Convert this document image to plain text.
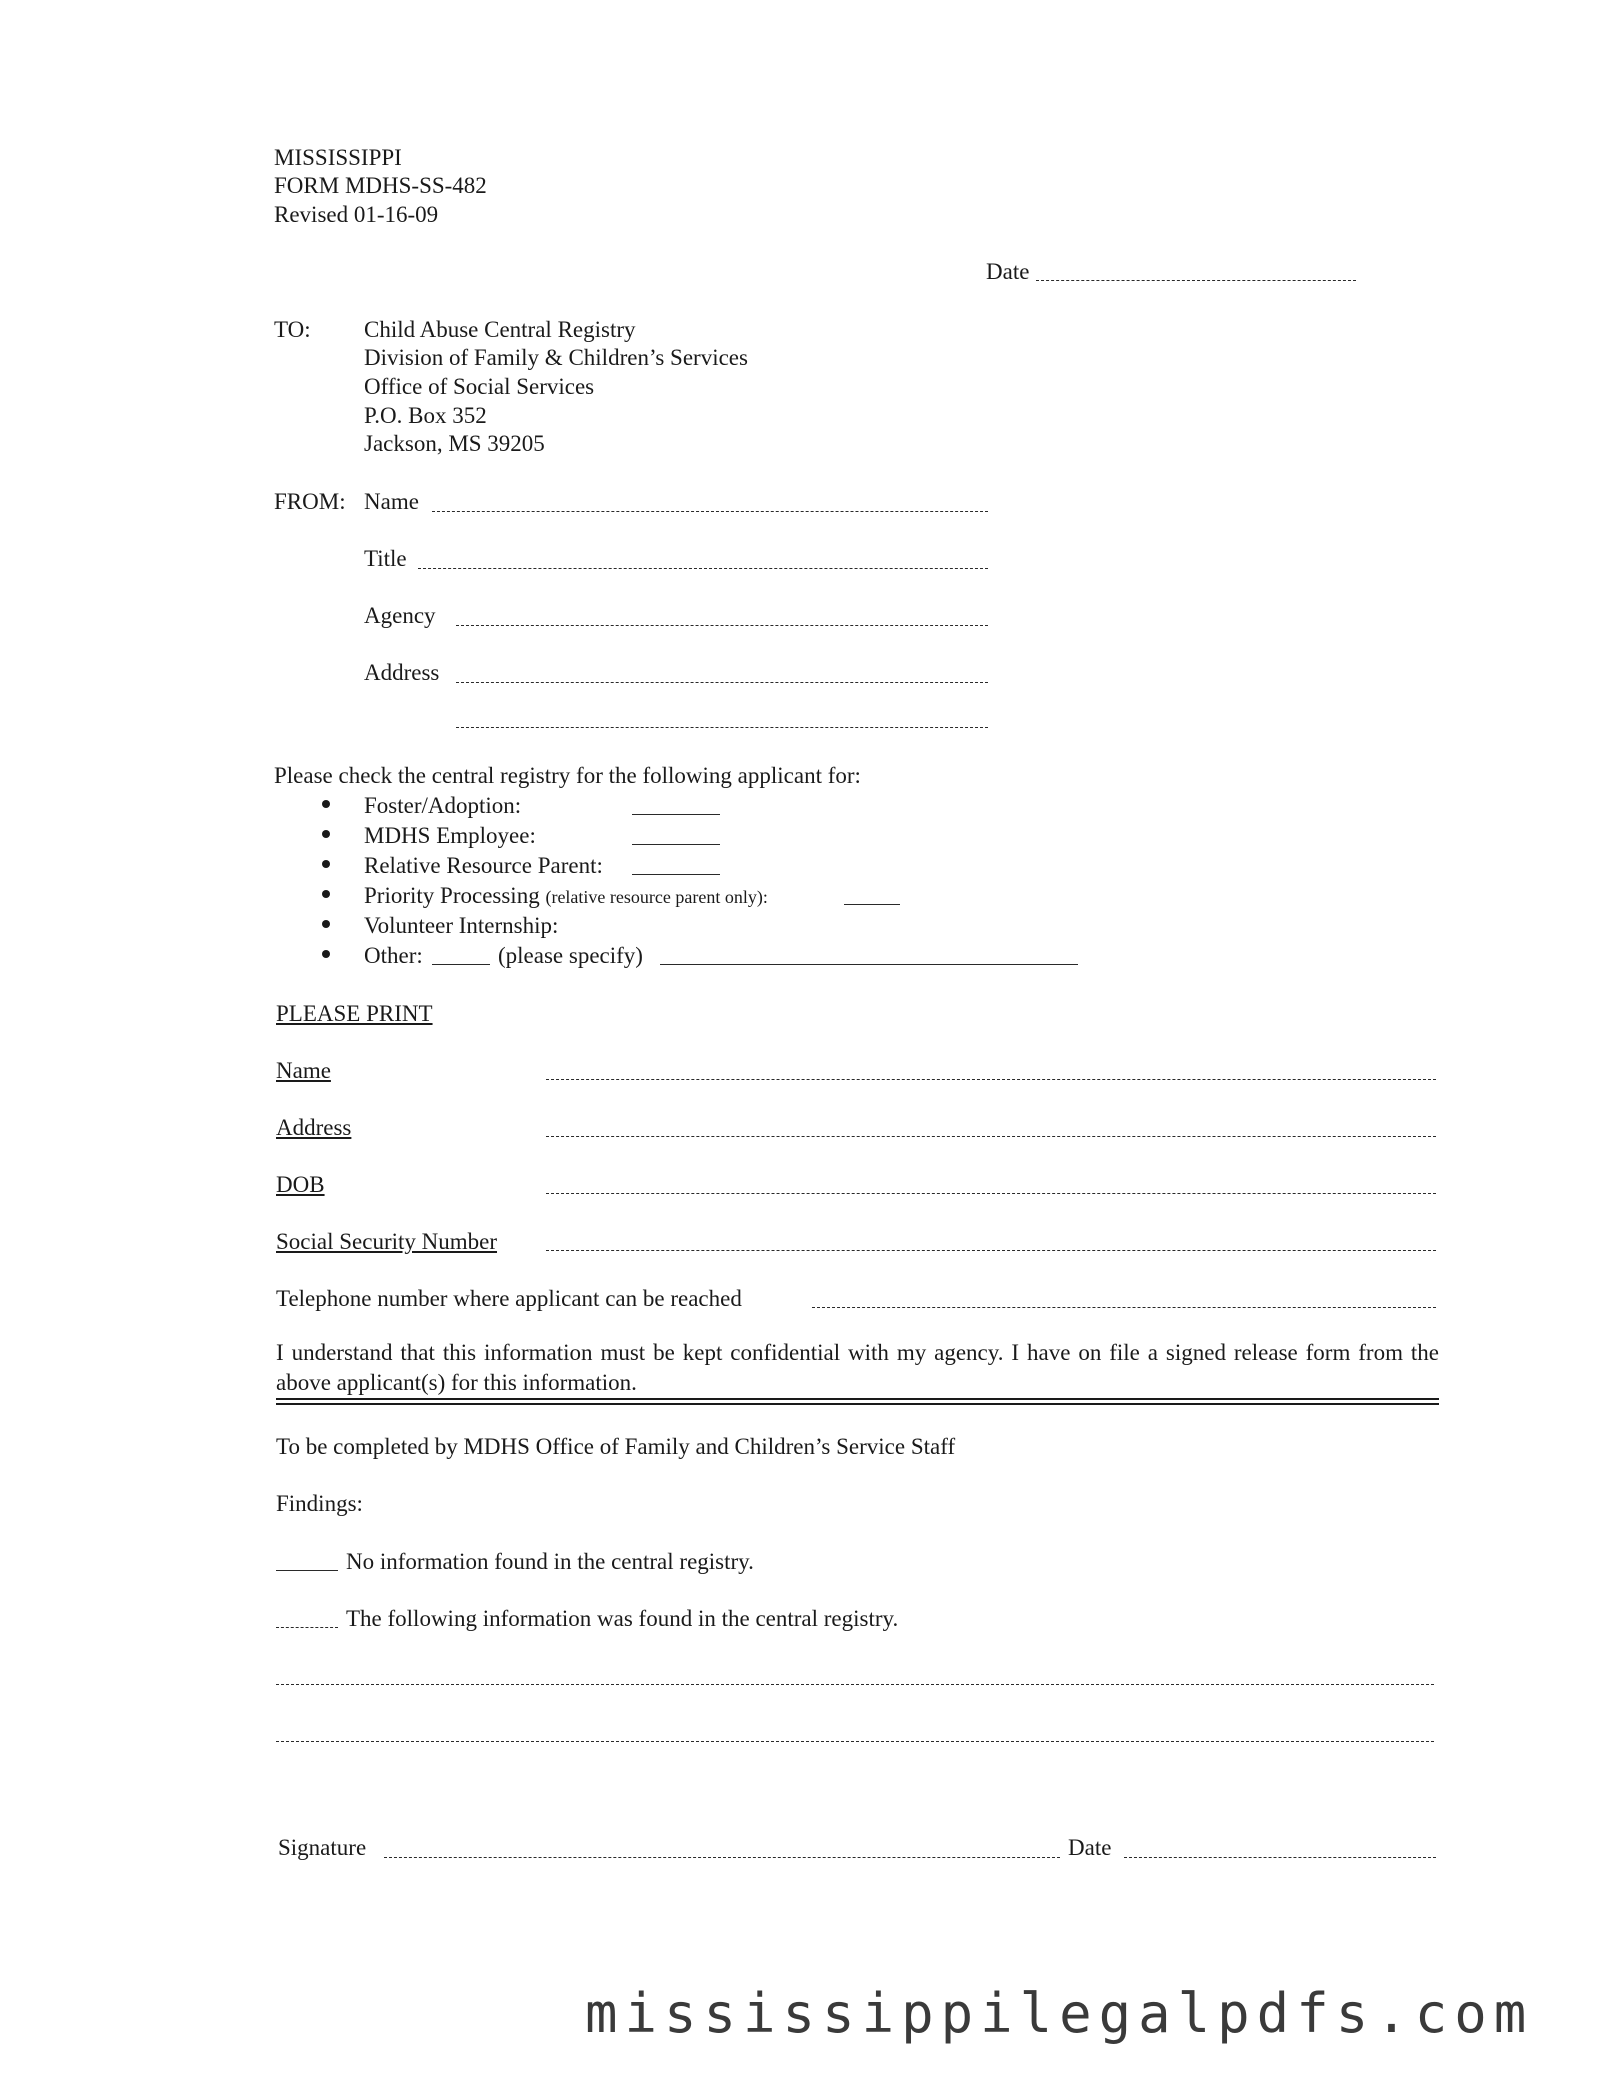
MISSISSIPPI
FORM MDHS-SS-482
Revised 01-16-09
Date
TO: Child Abuse Central Registry
Division of Family & Children’s Services
Office of Social Services
P.O. Box 352
Jackson, MS 39205
FROM: Name
Title
Agency
Address
Please check the central registry for the following applicant for:
Foster/Adoption:
MDHS Employee:
Relative Resource Parent:
Priority Processing (relative resource parent only):
Volunteer Internship:
Other:	(please specify)
PLEASE PRINT
Name
Address
DOB
Social Security Number
Telephone number where applicant can be reached
I understand that this information must be kept confidential with my agency. I have on file a signed release form from the above applicant(s) for this information.
To be completed by MDHS Office of Family and Children’s Service Staff
Findings:
No information found in the central registry.
The following information was found in the central registry.
Signature	Date
mississippilegalpdfs.com
